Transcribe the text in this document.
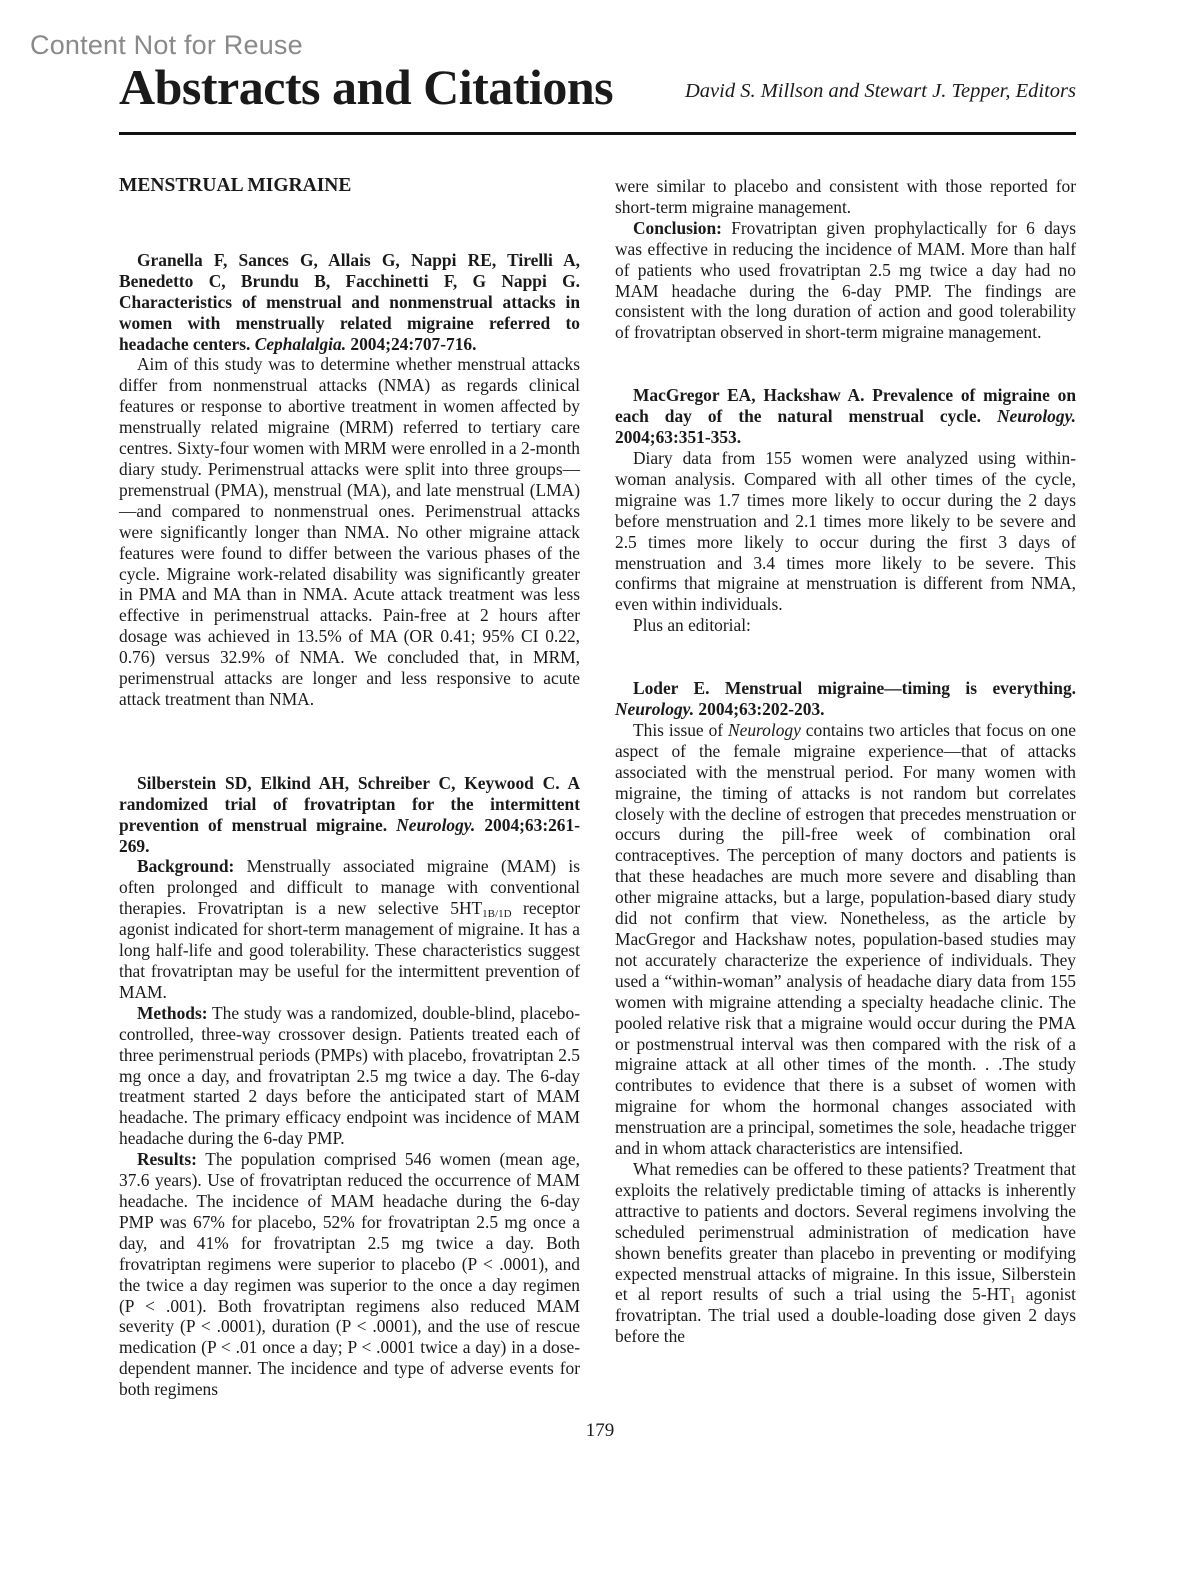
Content Not for Reuse
Abstracts and Citations	David S. Millson and Stewart J. Tepper, Editors
MENSTRUAL MIGRAINE

Granella F, Sances G, Allais G, Nappi RE, Tirelli A, Benedetto C, Brundu B, Facchinetti F, G Nappi G. Characteristics of menstrual and nonmenstrual attacks in women with menstrually related migraine referred to headache centers. Cephalalgia. 2004;24:707-716.

Aim of this study was to determine whether menstrual attacks differ from nonmenstrual attacks (NMA) as regards clinical features or response to abortive treatment in women affected by menstrually related migraine (MRM) referred to tertiary care centres. Sixty-four women with MRM were enrolled in a 2-month diary study. Perimenstrual attacks were split into three groups—premenstrual (PMA), menstrual (MA), and late menstrual (LMA)—and compared to nonmenstrual ones. Perimenstrual attacks were significantly longer than NMA. No other migraine attack features were found to differ between the various phases of the cycle. Migraine work-related disability was significantly greater in PMA and MA than in NMA. Acute attack treatment was less effective in perimenstrual attacks. Pain-free at 2 hours after dosage was achieved in 13.5% of MA (OR 0.41; 95% CI 0.22, 0.76) versus 32.9% of NMA. We concluded that, in MRM, perimenstrual attacks are longer and less responsive to acute attack treatment than NMA.

Silberstein SD, Elkind AH, Schreiber C, Keywood C. A randomized trial of frovatriptan for the intermittent prevention of menstrual migraine. Neurology. 2004;63:261-269.

Background: Menstrually associated migraine (MAM) is often prolonged and difficult to manage with conventional therapies. Frovatriptan is a new selective $5HT_{1B/1D}$ receptor agonist indicated for short-term management of migraine. It has a long half-life and good tolerability. These characteristics suggest that frovatriptan may be useful for the intermittent prevention of MAM.

Methods: The study was a randomized, double-blind, placebo-controlled, three-way crossover design. Patients treated each of three perimenstrual periods (PMPs) with placebo, frovatriptan 2.5 mg once a day, and frovatriptan 2.5 mg twice a day. The 6-day treatment started 2 days before the anticipated start of MAM headache. The primary efficacy endpoint was incidence of MAM headache during the 6-day PMP.

Results: The population comprised 546 women (mean age, 37.6 years). Use of frovatriptan reduced the occurrence of MAM headache. The incidence of MAM headache during the 6-day PMP was 67% for placebo, 52% for frovatriptan 2.5 mg once a day, and 41% for frovatriptan 2.5 mg twice a day. Both frovatriptan regimens were superior to placebo (P < .0001), and the twice a day regimen was superior to the once a day regimen (P < .001). Both frovatriptan regimens also reduced MAM severity (P < .0001), duration (P < .0001), and the use of rescue medication (P < .01 once a day; P < .0001 twice a day) in a dose-dependent manner. The incidence and type of adverse events for both regimens

were similar to placebo and consistent with those reported for short-term migraine management.

Conclusion: Frovatriptan given prophylactically for 6 days was effective in reducing the incidence of MAM. More than half of patients who used frovatriptan 2.5 mg twice a day had no MAM headache during the 6-day PMP. The findings are consistent with the long duration of action and good tolerability of frovatriptan observed in short-term migraine management.

MacGregor EA, Hackshaw A. Prevalence of migraine on each day of the natural menstrual cycle. Neurology. 2004;63:351-353.

Diary data from 155 women were analyzed using within-woman analysis. Compared with all other times of the cycle, migraine was 1.7 times more likely to occur during the 2 days before menstruation and 2.1 times more likely to be severe and 2.5 times more likely to occur during the first 3 days of menstruation and 3.4 times more likely to be severe. This confirms that migraine at menstruation is different from NMA, even within individuals.

Plus an editorial:

Loder E. Menstrual migraine—timing is everything. Neurology. 2004;63:202-203.

This issue of Neurology contains two articles that focus on one aspect of the female migraine experience—that of attacks associated with the menstrual period. For many women with migraine, the timing of attacks is not random but correlates closely with the decline of estrogen that precedes menstruation or occurs during the pill-free week of combination oral contraceptives. The perception of many doctors and patients is that these headaches are much more severe and disabling than other migraine attacks, but a large, population-based diary study did not confirm that view. Nonetheless, as the article by MacGregor and Hackshaw notes, population-based studies may not accurately characterize the experience of individuals. They used a “within-woman” analysis of headache diary data from 155 women with migraine attending a specialty headache clinic. The pooled relative risk that a migraine would occur during the PMA or postmenstrual interval was then compared with the risk of a migraine attack at all other times of the month. . .The study contributes to evidence that there is a subset of women with migraine for whom the hormonal changes associated with menstruation are a principal, sometimes the sole, headache trigger and in whom attack characteristics are intensified.

What remedies can be offered to these patients? Treatment that exploits the relatively predictable timing of attacks is inherently attractive to patients and doctors. Several regimens involving the scheduled perimenstrual administration of medication have shown benefits greater than placebo in preventing or modifying expected menstrual attacks of migraine. In this issue, Silberstein et al report results of such a trial using the $5-HT_1$ agonist frovatriptan. The trial used a double-loading dose given 2 days before the

179
